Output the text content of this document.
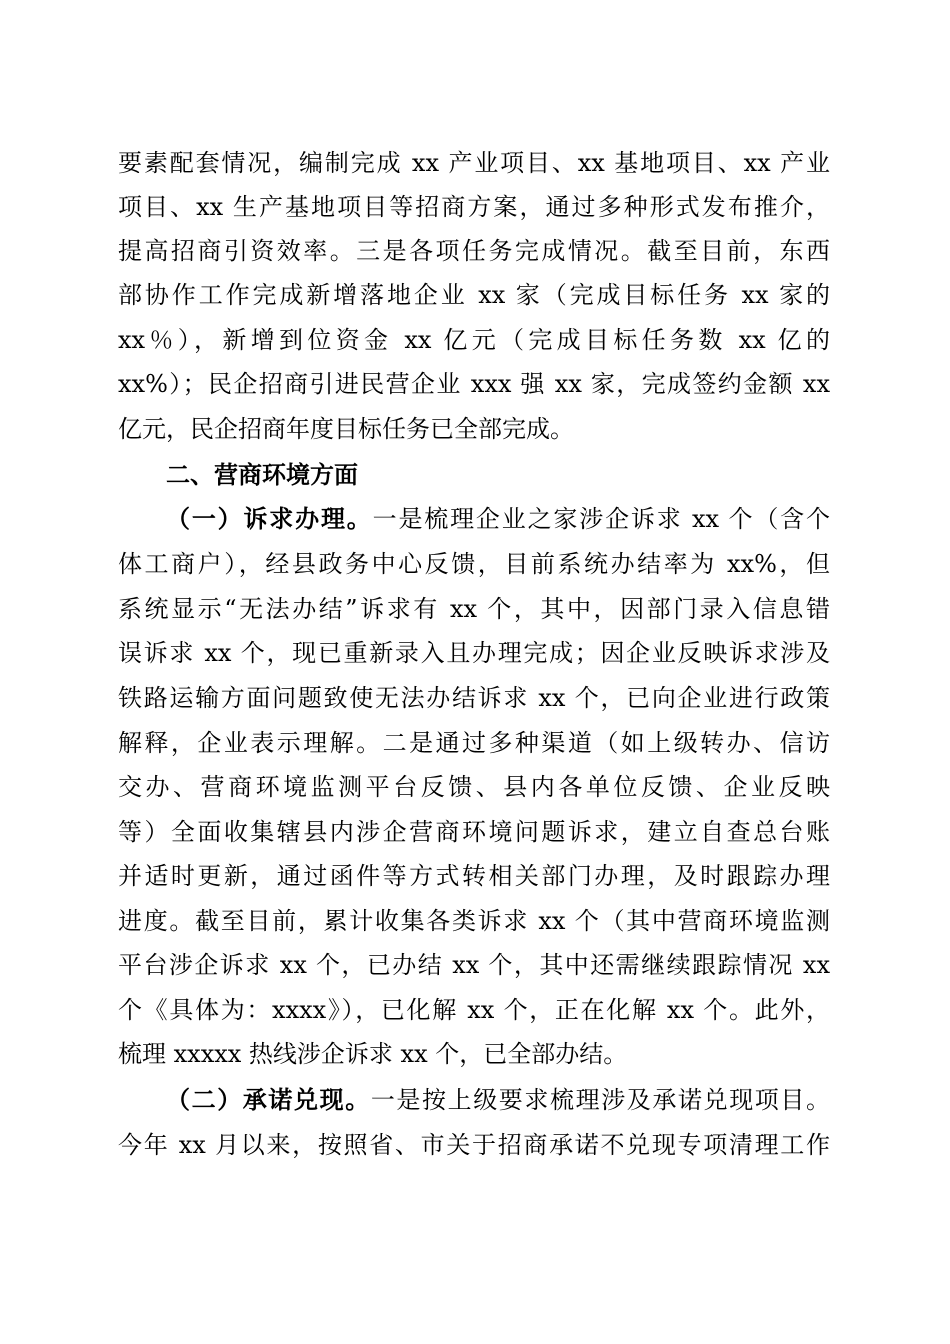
要素配套情况，编制完成 xx 产业项目、xx 基地项目、xx 产业
项目、xx 生产基地项目等招商方案，通过多种形式发布推介，
提高招商引资效率。三是各项任务完成情况。截至目前，东西
部协作工作完成新增落地企业 xx 家（完成目标任务 xx 家的
xx％），新增到位资金 xx 亿元（完成目标任务数 xx 亿的
xx%）；民企招商引进民营企业 xxx 强 xx 家，完成签约金额 xx
亿元，民企招商年度目标任务已全部完成。
二、营商环境方面
（一）诉求办理。一是梳理企业之家涉企诉求 xx 个（含个
体工商户），经县政务中心反馈，目前系统办结率为 xx%，但
系统显示“无法办结”诉求有 xx 个，其中，因部门录入信息错
误诉求 xx 个，现已重新录入且办理完成；因企业反映诉求涉及
铁路运输方面问题致使无法办结诉求 xx 个，已向企业进行政策
解释，企业表示理解。二是通过多种渠道（如上级转办、信访
交办、营商环境监测平台反馈、县内各单位反馈、企业反映
等）全面收集辖县内涉企营商环境问题诉求，建立自查总台账
并适时更新，通过函件等方式转相关部门办理，及时跟踪办理
进度。截至目前，累计收集各类诉求 xx 个（其中营商环境监测
平台涉企诉求 xx 个，已办结 xx 个，其中还需继续跟踪情况 xx
个《具体为：xxxx》），已化解 xx 个，正在化解 xx 个。此外，
梳理 xxxxx 热线涉企诉求 xx 个，已全部办结。
（二）承诺兑现。一是按上级要求梳理涉及承诺兑现项目。
今年 xx 月以来，按照省、市关于招商承诺不兑现专项清理工作
